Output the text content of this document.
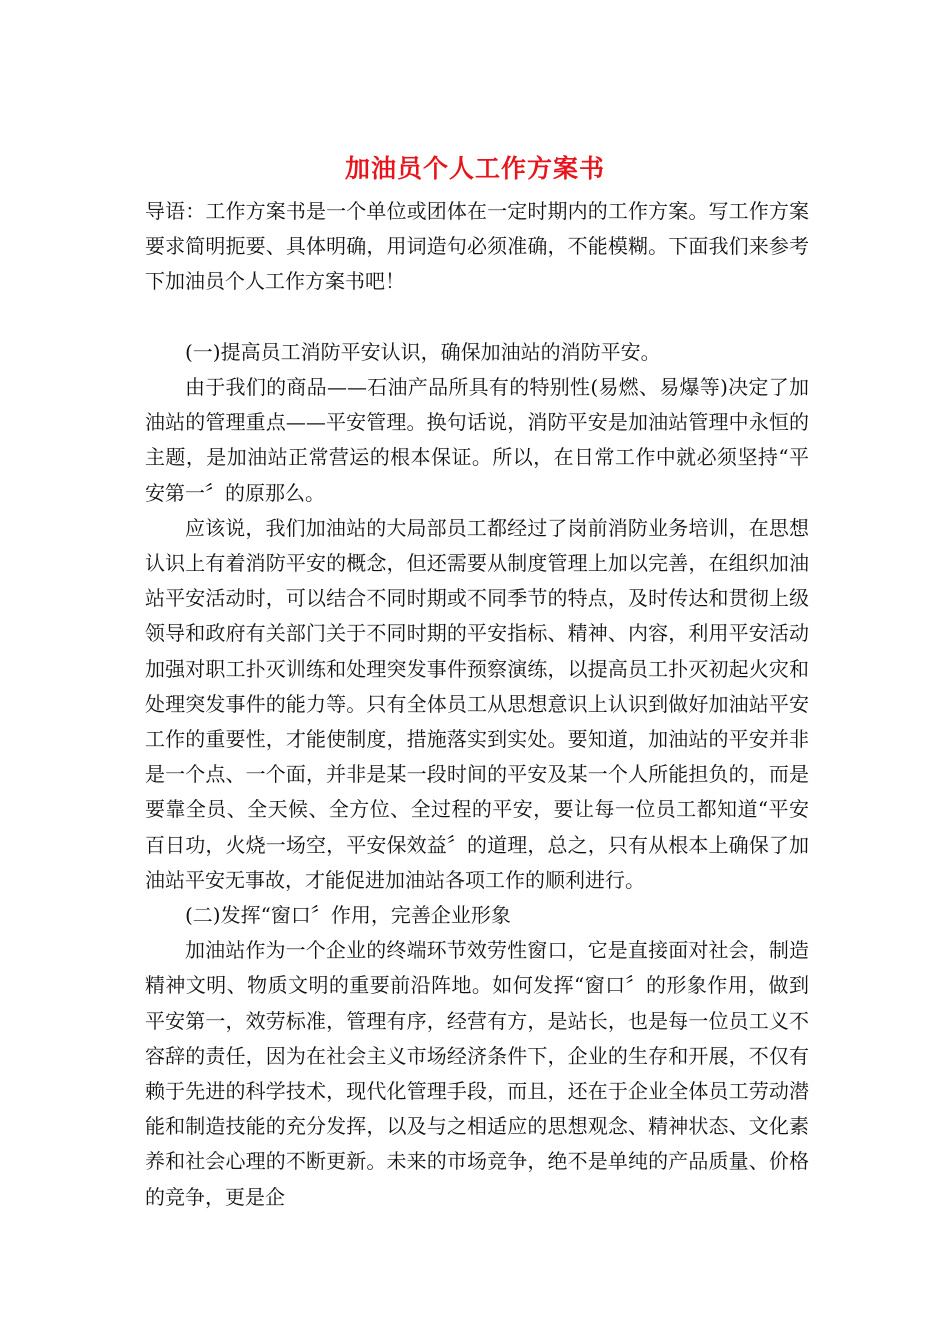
加油员个人工作方案书

导语：工作方案书是一个单位或团体在一定时期内的工作方案。写工作方案要求简明扼要、具体明确，用词造句必须准确，不能模糊。下面我们来参考下加油员个人工作方案书吧！

(一)提高员工消防平安认识，确保加油站的消防平安。

由于我们的商品——石油产品所具有的特别性(易燃、易爆等)决定了加油站的管理重点——平安管理。换句话说，消防平安是加油站管理中永恒的主题，是加油站正常营运的根本保证。所以，在日常工作中就必须坚持“平安第一〞的原那么。

应该说，我们加油站的大局部员工都经过了岗前消防业务培训，在思想认识上有着消防平安的概念，但还需要从制度管理上加以完善，在组织加油站平安活动时，可以结合不同时期或不同季节的特点，及时传达和贯彻上级领导和政府有关部门关于不同时期的平安指标、精神、内容，利用平安活动加强对职工扑灭训练和处理突发事件预察演练，以提高员工扑灭初起火灾和处理突发事件的能力等。只有全体员工从思想意识上认识到做好加油站平安工作的重要性，才能使制度，措施落实到实处。要知道，加油站的平安并非是一个点、一个面，并非是某一段时间的平安及某一个人所能担负的，而是要靠全员、全天候、全方位、全过程的平安，要让每一位员工都知道“平安百日功，火烧一场空，平安保效益〞的道理，总之，只有从根本上确保了加油站平安无事故，才能促进加油站各项工作的顺利进行。

(二)发挥“窗口〞作用，完善企业形象

加油站作为一个企业的终端环节效劳性窗口，它是直接面对社会，制造精神文明、物质文明的重要前沿阵地。如何发挥“窗口〞的形象作用，做到平安第一，效劳标准，管理有序，经营有方，是站长，也是每一位员工义不容辞的责任，因为在社会主义市场经济条件下，企业的生存和开展，不仅有赖于先进的科学技术，现代化管理手段，而且，还在于企业全体员工劳动潜能和制造技能的充分发挥，以及与之相适应的思想观念、精神状态、文化素养和社会心理的不断更新。未来的市场竞争，绝不是单纯的产品质量、价格的竞争，更是企
